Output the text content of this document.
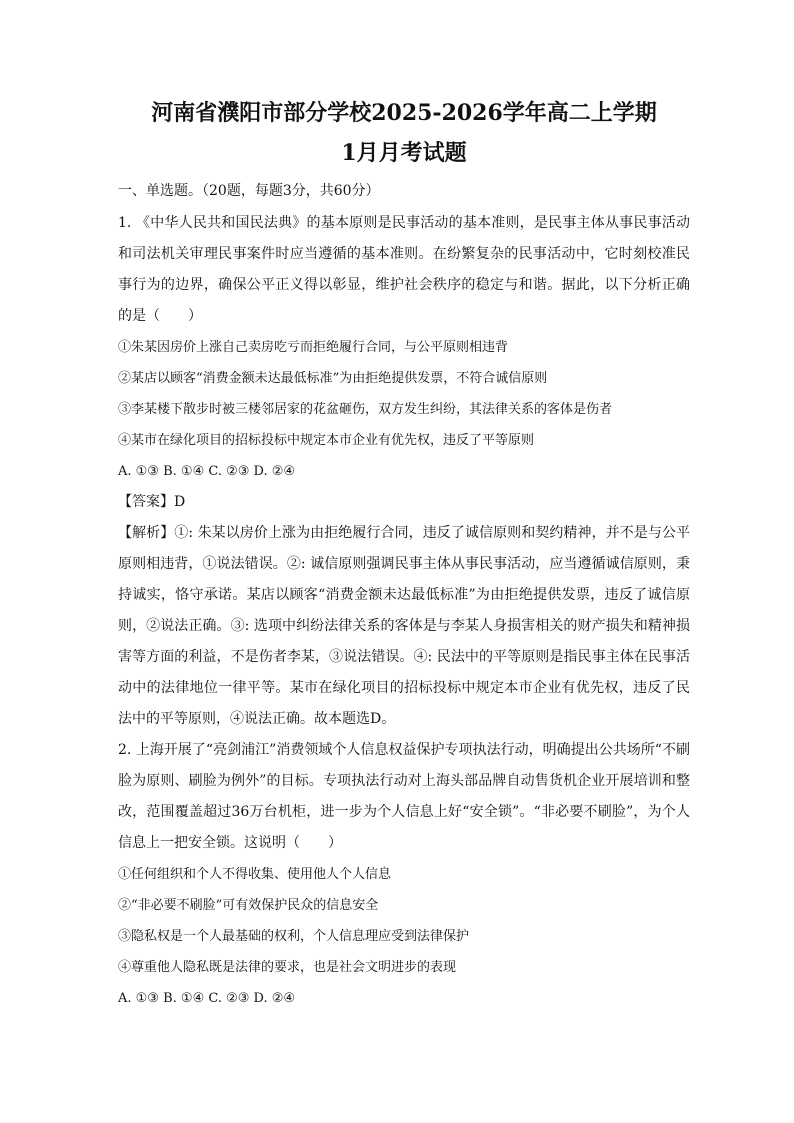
河南省濮阳市部分学校2025-2026学年高二上学期
1月月考试题

一、单选题。（20题，每题3分，共60分）

1. 《中华人民共和国民法典》的基本原则是民事活动的基本准则，是民事主体从事民事活动和司法机关审理民事案件时应当遵循的基本准则。在纷繁复杂的民事活动中，它时刻校准民事行为的边界，确保公平正义得以彰显，维护社会秩序的稳定与和谐。据此，以下分析正确的是（　　）

①朱某因房价上涨自己卖房吃亏而拒绝履行合同，与公平原则相违背

②某店以顾客“消费金额未达最低标准”为由拒绝提供发票，不符合诚信原则

③李某楼下散步时被三楼邻居家的花盆砸伤，双方发生纠纷，其法律关系的客体是伤者

④某市在绿化项目的招标投标中规定本市企业有优先权，违反了平等原则

A. ①③ B. ①④ C. ②③ D. ②④

【答案】D

【解析】①: 朱某以房价上涨为由拒绝履行合同，违反了诚信原则和契约精神，并不是与公平原则相违背，①说法错误。②: 诚信原则强调民事主体从事民事活动，应当遵循诚信原则，秉持诚实，恪守承诺。某店以顾客“消费金额未达最低标准”为由拒绝提供发票，违反了诚信原则，②说法正确。③: 选项中纠纷法律关系的客体是与李某人身损害相关的财产损失和精神损害等方面的利益，不是伤者李某，③说法错误。④: 民法中的平等原则是指民事主体在民事活动中的法律地位一律平等。某市在绿化项目的招标投标中规定本市企业有优先权，违反了民法中的平等原则，④说法正确。故本题选D。

2. 上海开展了“亮剑浦江”消费领域个人信息权益保护专项执法行动，明确提出公共场所“不刷脸为原则、刷脸为例外”的目标。专项执法行动对上海头部品牌自动售货机企业开展培训和整改，范围覆盖超过36万台机柜，进一步为个人信息上好“安全锁”。“非必要不刷脸”，为个人信息上一把安全锁。这说明（　　）

①任何组织和个人不得收集、使用他人个人信息

②“非必要不刷脸”可有效保护民众的信息安全

③隐私权是一个人最基础的权利，个人信息理应受到法律保护

④尊重他人隐私既是法律的要求，也是社会文明进步的表现

A. ①③ B. ①④ C. ②③ D. ②④
